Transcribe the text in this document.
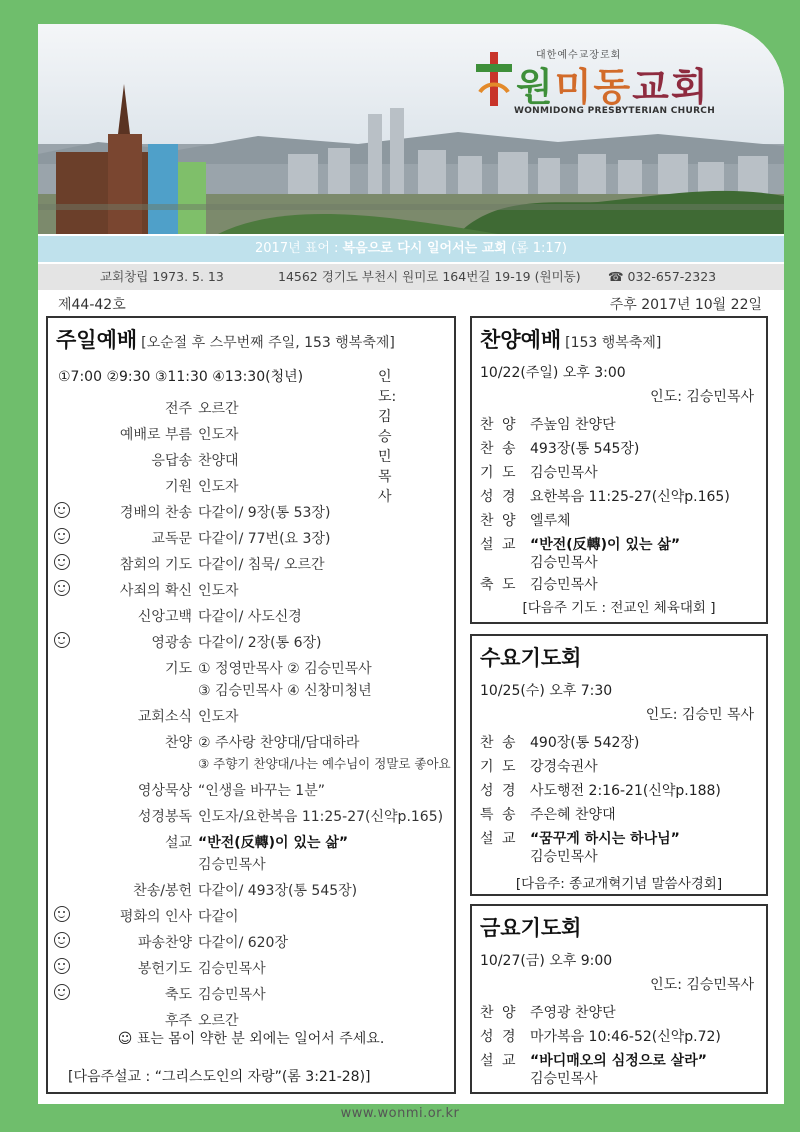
대한예수교장로회
원미동교회
WONMIDONG PRESBYTERIAN CHURCH
2017년 표어 : 복음으로 다시 일어서는 교회 (롬 1:17)
교회창립 1973. 5. 13	14562 경기도 부천시 원미로 164번길 19-19 (원미동) ☎ 032-657-2323
제44-42호	주후 2017년 10월 22일
주일예배 [오순절 후 스무번째 주일, 153 행복축제]
①7:00 ②9:30 ③11:30 ④13:30(청년)	인도: 김승민목사
전주 오르간
예배로 부름 인도자
응답송 찬양대
기원 인도자
경배의 찬송 다같이/ 9장(통 53장)
교독문 다같이/ 77번(요 3장)
참회의 기도 다같이/ 침묵/ 오르간
사죄의 확신 인도자
신앙고백 다같이/ 사도신경
영광송 다같이/ 2장(통 6장)
기도 ① 정영만목사 ② 김승민목사
③ 김승민목사 ④ 신창미청년
교회소식 인도자
찬양 ② 주사랑 찬양대/담대하라
③ 주향기 찬양대/나는 예수님이 정말로 좋아요
영상묵상 “인생을 바꾸는 1분”
성경봉독 인도자/요한복음 11:25-27(신약p.165)
설교 “반전(反轉)이 있는 삶”
김승민목사
찬송/봉헌 다같이/ 493장(통 545장)
평화의 인사 다같이
파송찬양 다같이/ 620장
봉헌기도 김승민목사
축도 김승민목사
후주 오르간
☺ 표는 몸이 약한 분 외에는 일어서 주세요.
[다음주설교 : “그리스도인의 자랑”(롬 3:21-28)]
찬양예배 [153 행복축제]
10/22(주일) 오후 3:00
인도: 김승민목사
찬 양 주높임 찬양단
찬 송 493장(통 545장)
기 도 김승민목사
성 경 요한복음 11:25-27(신약p.165)
찬 양 엘루체
설 교 “반전(反轉)이 있는 삶”
김승민목사
축 도 김승민목사
[다음주 기도 : 전교인 체육대회 ]
수요기도회
10/25(수) 오후 7:30
인도: 김승민 목사
찬 송 490장(통 542장)
기 도 강경숙권사
성 경 사도행전 2:16-21(신약p.188)
특 송 주은혜 찬양대
설 교 “꿈꾸게 하시는 하나님”
김승민목사
[다음주: 종교개혁기념 말씀사경회]
금요기도회
10/27(금) 오후 9:00
인도: 김승민목사
찬 양 주영광 찬양단
성 경 마가복음 10:46-52(신약p.72)
설 교 “바디매오의 심정으로 살라”
김승민목사
www.wonmi.or.kr
